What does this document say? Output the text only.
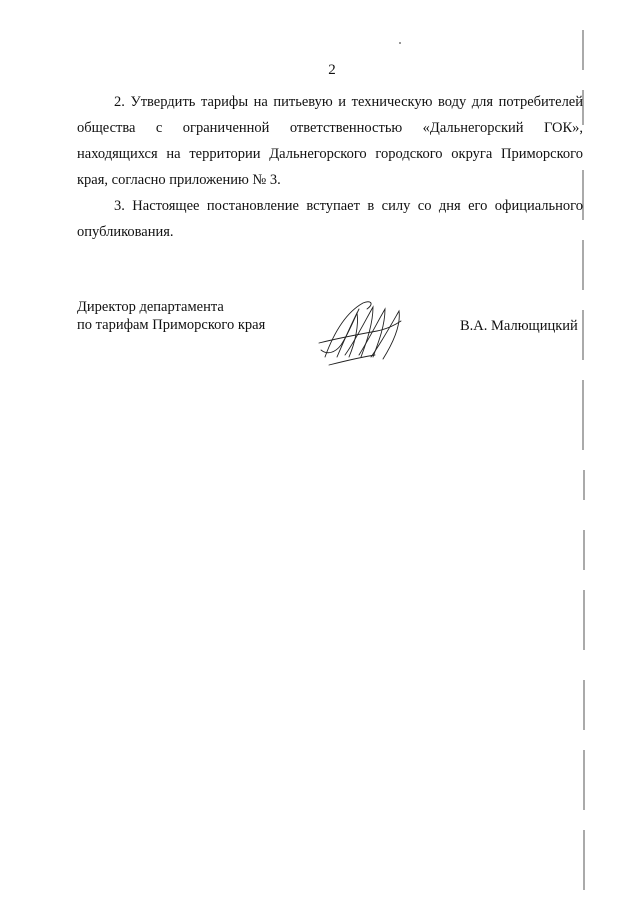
2
2. Утвердить тарифы на питьевую и техническую воду для потребителей
общества с ограниченной ответственностью «Дальнегорский ГОК»,
находящихся на территории Дальнегорского городского округа Приморского
края, согласно приложению № 3.
3. Настоящее постановление вступает в силу со дня его официального
опубликования.
Директор департамента
по тарифам Приморского края	В.А. Малющицкий
